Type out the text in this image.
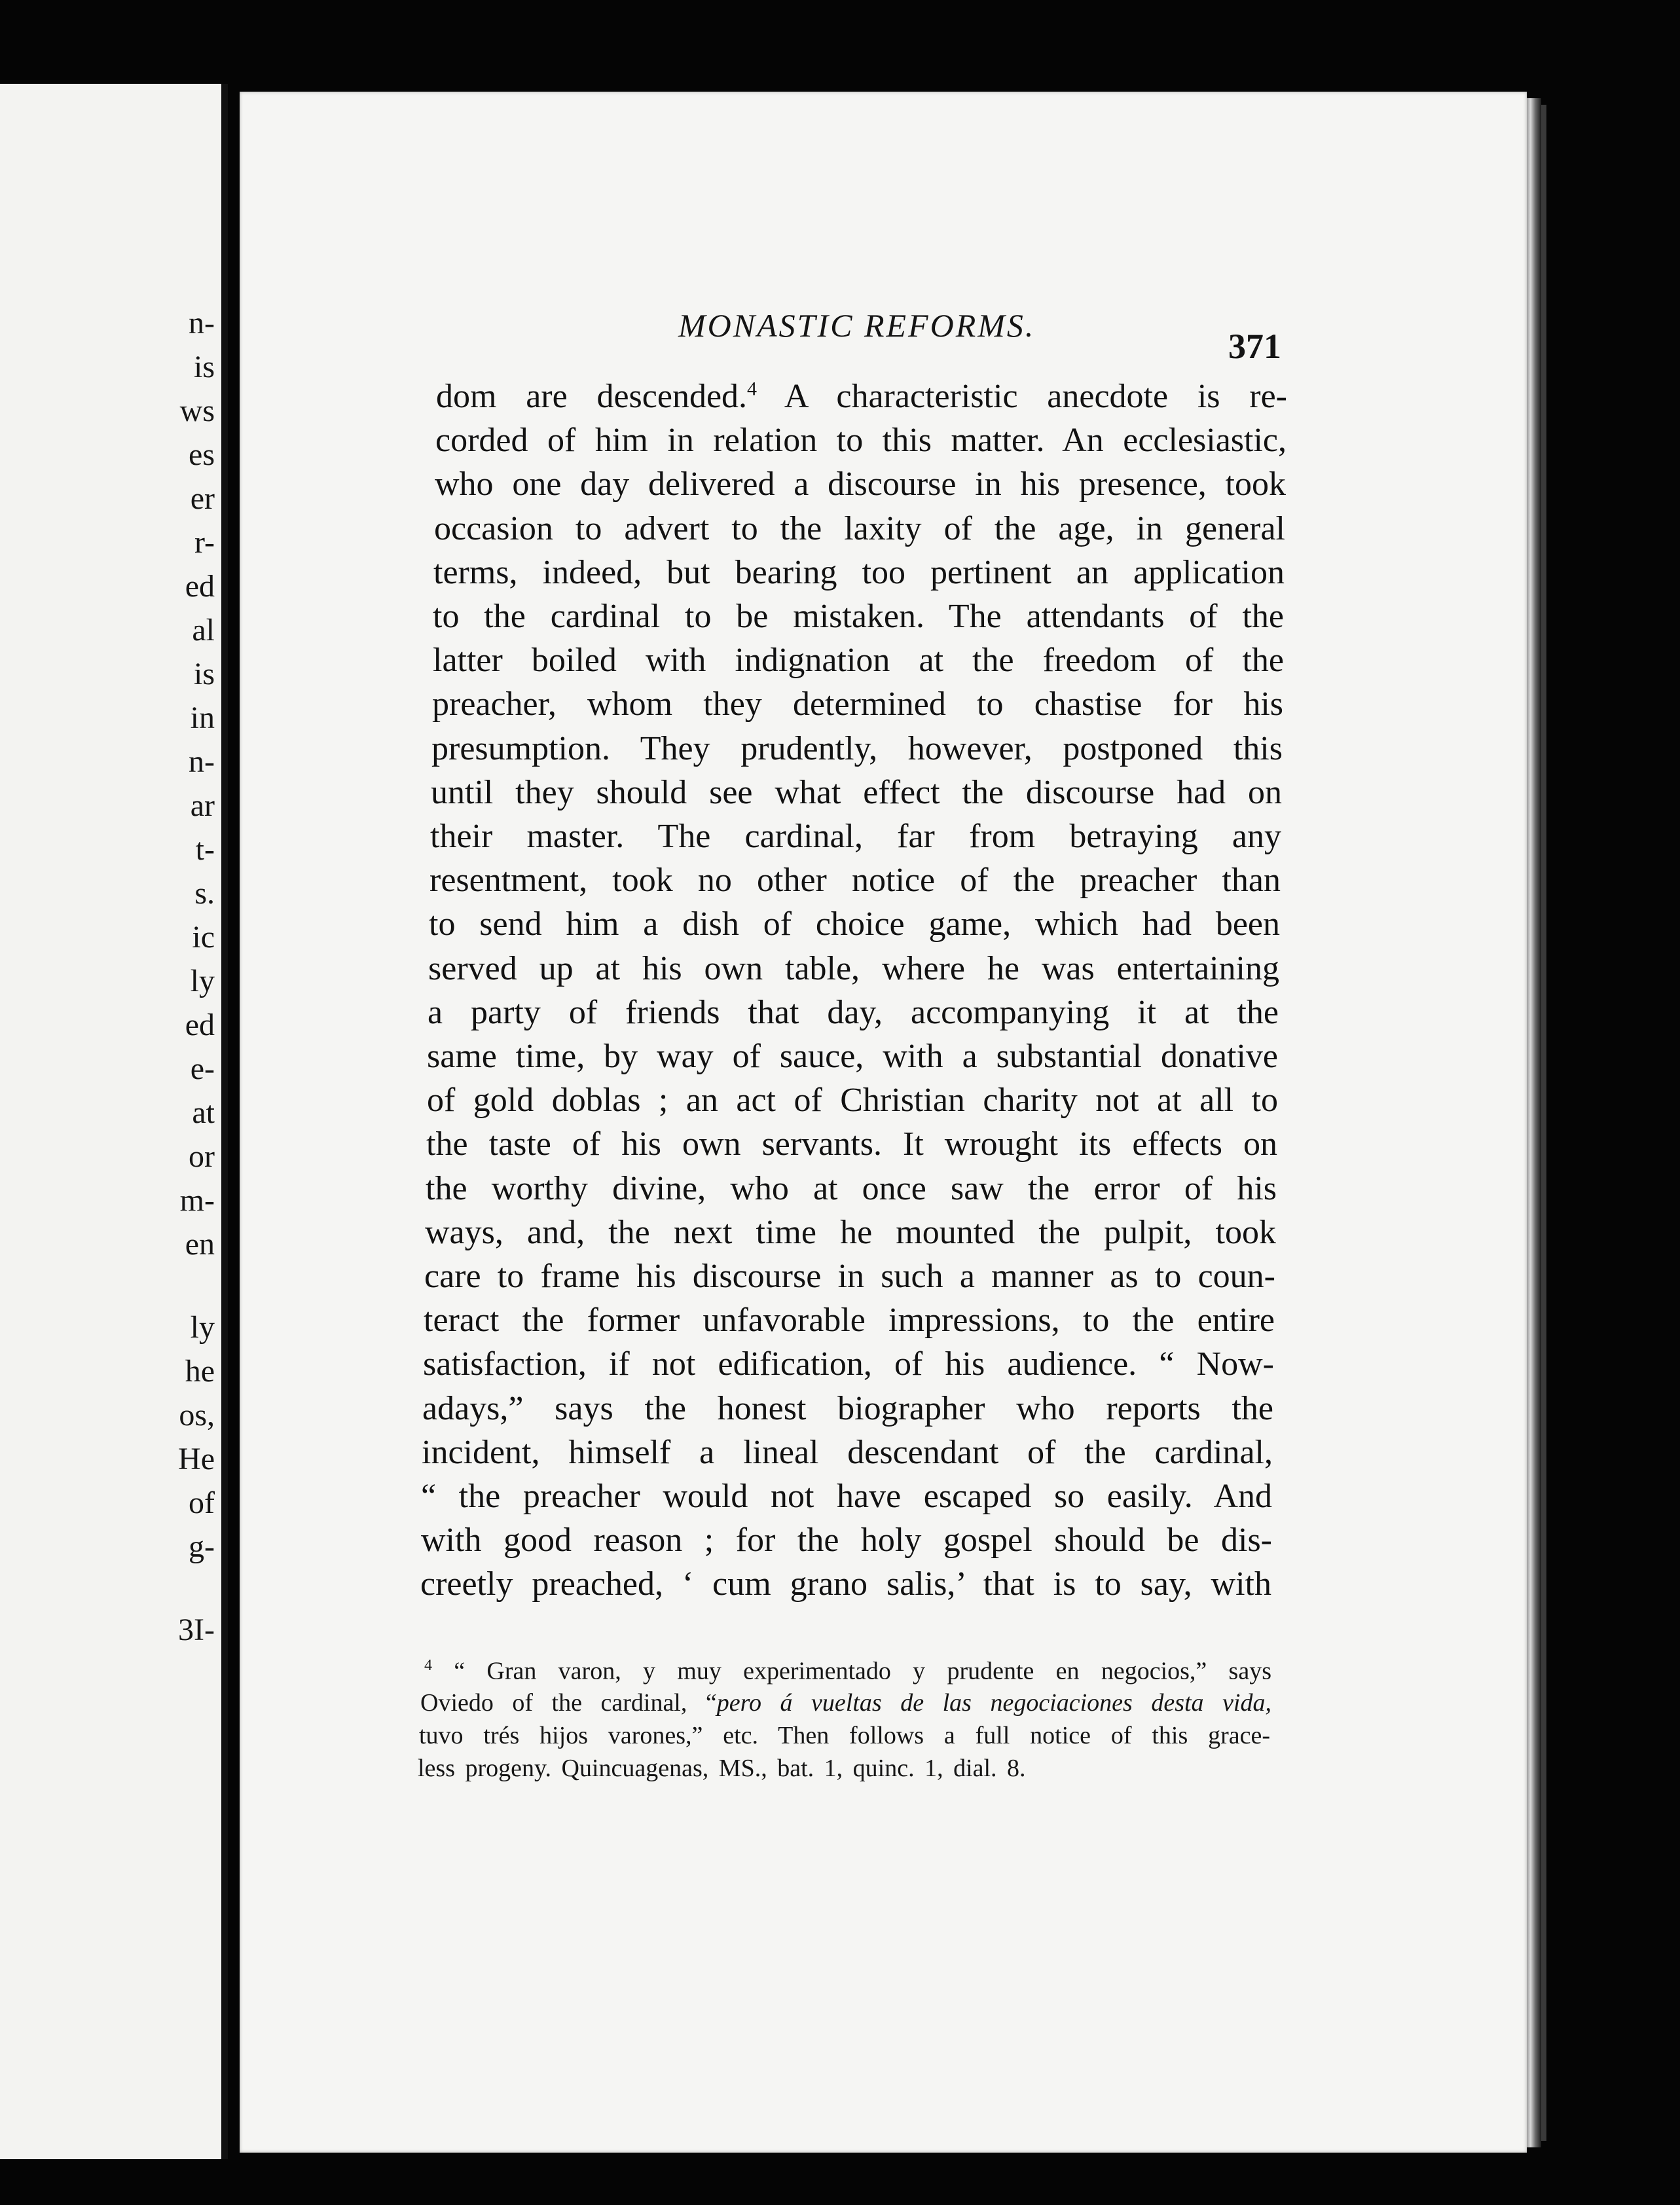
n-
is
ws
es
er
r-
ed
al
is
in
n-
ar
t-
s.
ic
ly
ed
e-
at
or
m-
en
ly
he
os,
He
of
g-
3I-
MONASTIC REFORMS.
371
dom are descended.$^4$ A characteristic anecdote is re-
corded of him in relation to this matter. An ecclesiastic,
who one day delivered a discourse in his presence, took
occasion to advert to the laxity of the age, in general
terms, indeed, but bearing too pertinent an application
to the cardinal to be mistaken. The attendants of the
latter boiled with indignation at the freedom of the
preacher, whom they determined to chastise for his
presumption. They prudently, however, postponed this
until they should see what effect the discourse had on
their master. The cardinal, far from betraying any
resentment, took no other notice of the preacher than
to send him a dish of choice game, which had been
served up at his own table, where he was entertaining
a party of friends that day, accompanying it at the
same time, by way of sauce, with a substantial donative
of gold doblas ; an act of Christian charity not at all to
the taste of his own servants. It wrought its effects on
the worthy divine, who at once saw the error of his
ways, and, the next time he mounted the pulpit, took
care to frame his discourse in such a manner as to coun-
teract the former unfavorable impressions, to the entire
satisfaction, if not edification, of his audience. “ Now-
adays,” says the honest biographer who reports the
incident, himself a lineal descendant of the cardinal,
“ the preacher would not have escaped so easily. And
with good reason ; for the holy gospel should be dis-
creetly preached, ‘ cum grano salis,’ that is to say, with
$^4$ “ Gran varon, y muy experimentado y prudente en negocios,” says
Oviedo of the cardinal, “pero á vueltas de las negociaciones desta vida,
tuvo trés hijos varones,” etc. Then follows a full notice of this grace-
less progeny. Quincuagenas, MS., bat. 1, quinc. 1, dial. 8.
